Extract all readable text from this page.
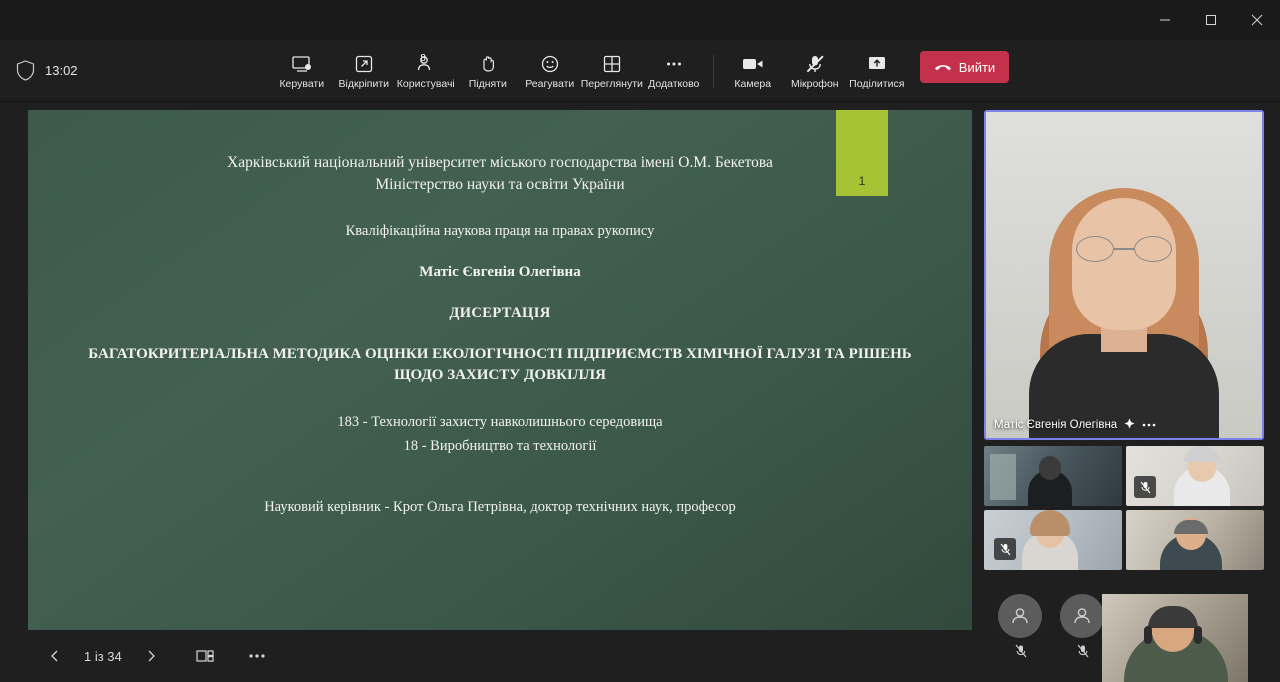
13:02
Керувати Відкріпити
8
Користувачі Підняти Реагувати Переглянути Додатково	Камера Мікрофон Поділитися
Вийти
1
Харківський національний університет міського господарства імені О.М. Бекетова
Міністерство науки та освіти України
Кваліфікаційна наукова праця на правах рукопису
Матіс Євгенія Олегівна
ДИСЕРТАЦІЯ
БАГАТОКРИТЕРІАЛЬНА МЕТОДИКА ОЦІНКИ ЕКОЛОГІЧНОСТІ ПІДПРИЄМСТВ ХІМІЧНОЇ ГАЛУЗІ ТА РІШЕНЬ ЩОДО ЗАХИСТУ ДОВКІЛЛЯ
183 - Технології захисту навколишнього середовища
18 - Виробництво та технології
Науковий керівник - Крот Ольга Петрівна, доктор технічних наук, професор
1 із 34
Матіс Євгенія Олегівна
